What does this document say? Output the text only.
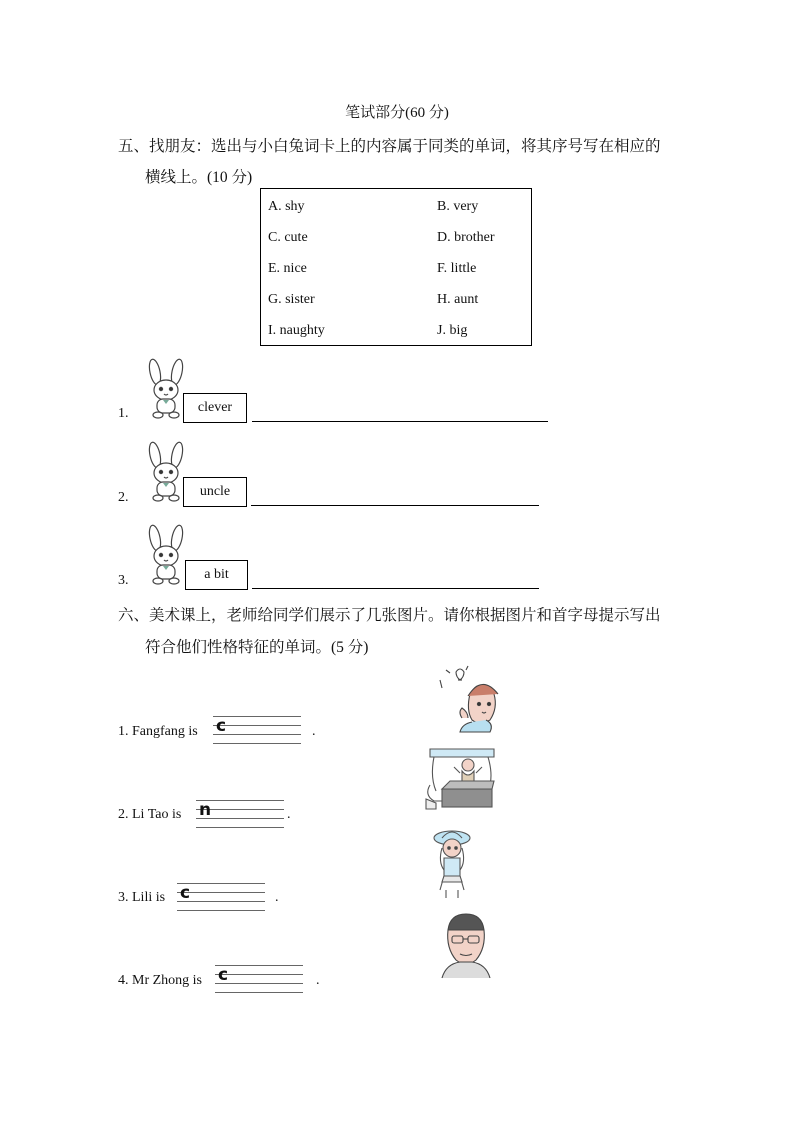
笔试部分(60 分)
五、找朋友：选出与小白兔词卡上的内容属于同类的单词，将其序号写在相应的
横线上。(10 分)
A. shy	B. very
C. cute	D. brother
E. nice	F. little
G. sister	H. aunt
I. naughty	J. big
1.	clever
2.	uncle
3.	a bit
六、美术课上，老师给同学们展示了几张图片。请你根据图片和首字母提示写出
符合他们性格特征的单词。(5 分)
1. Fangfang is c	.
2. Li Tao is n	.
3. Lili is c	.
4. Mr Zhong is c	.
